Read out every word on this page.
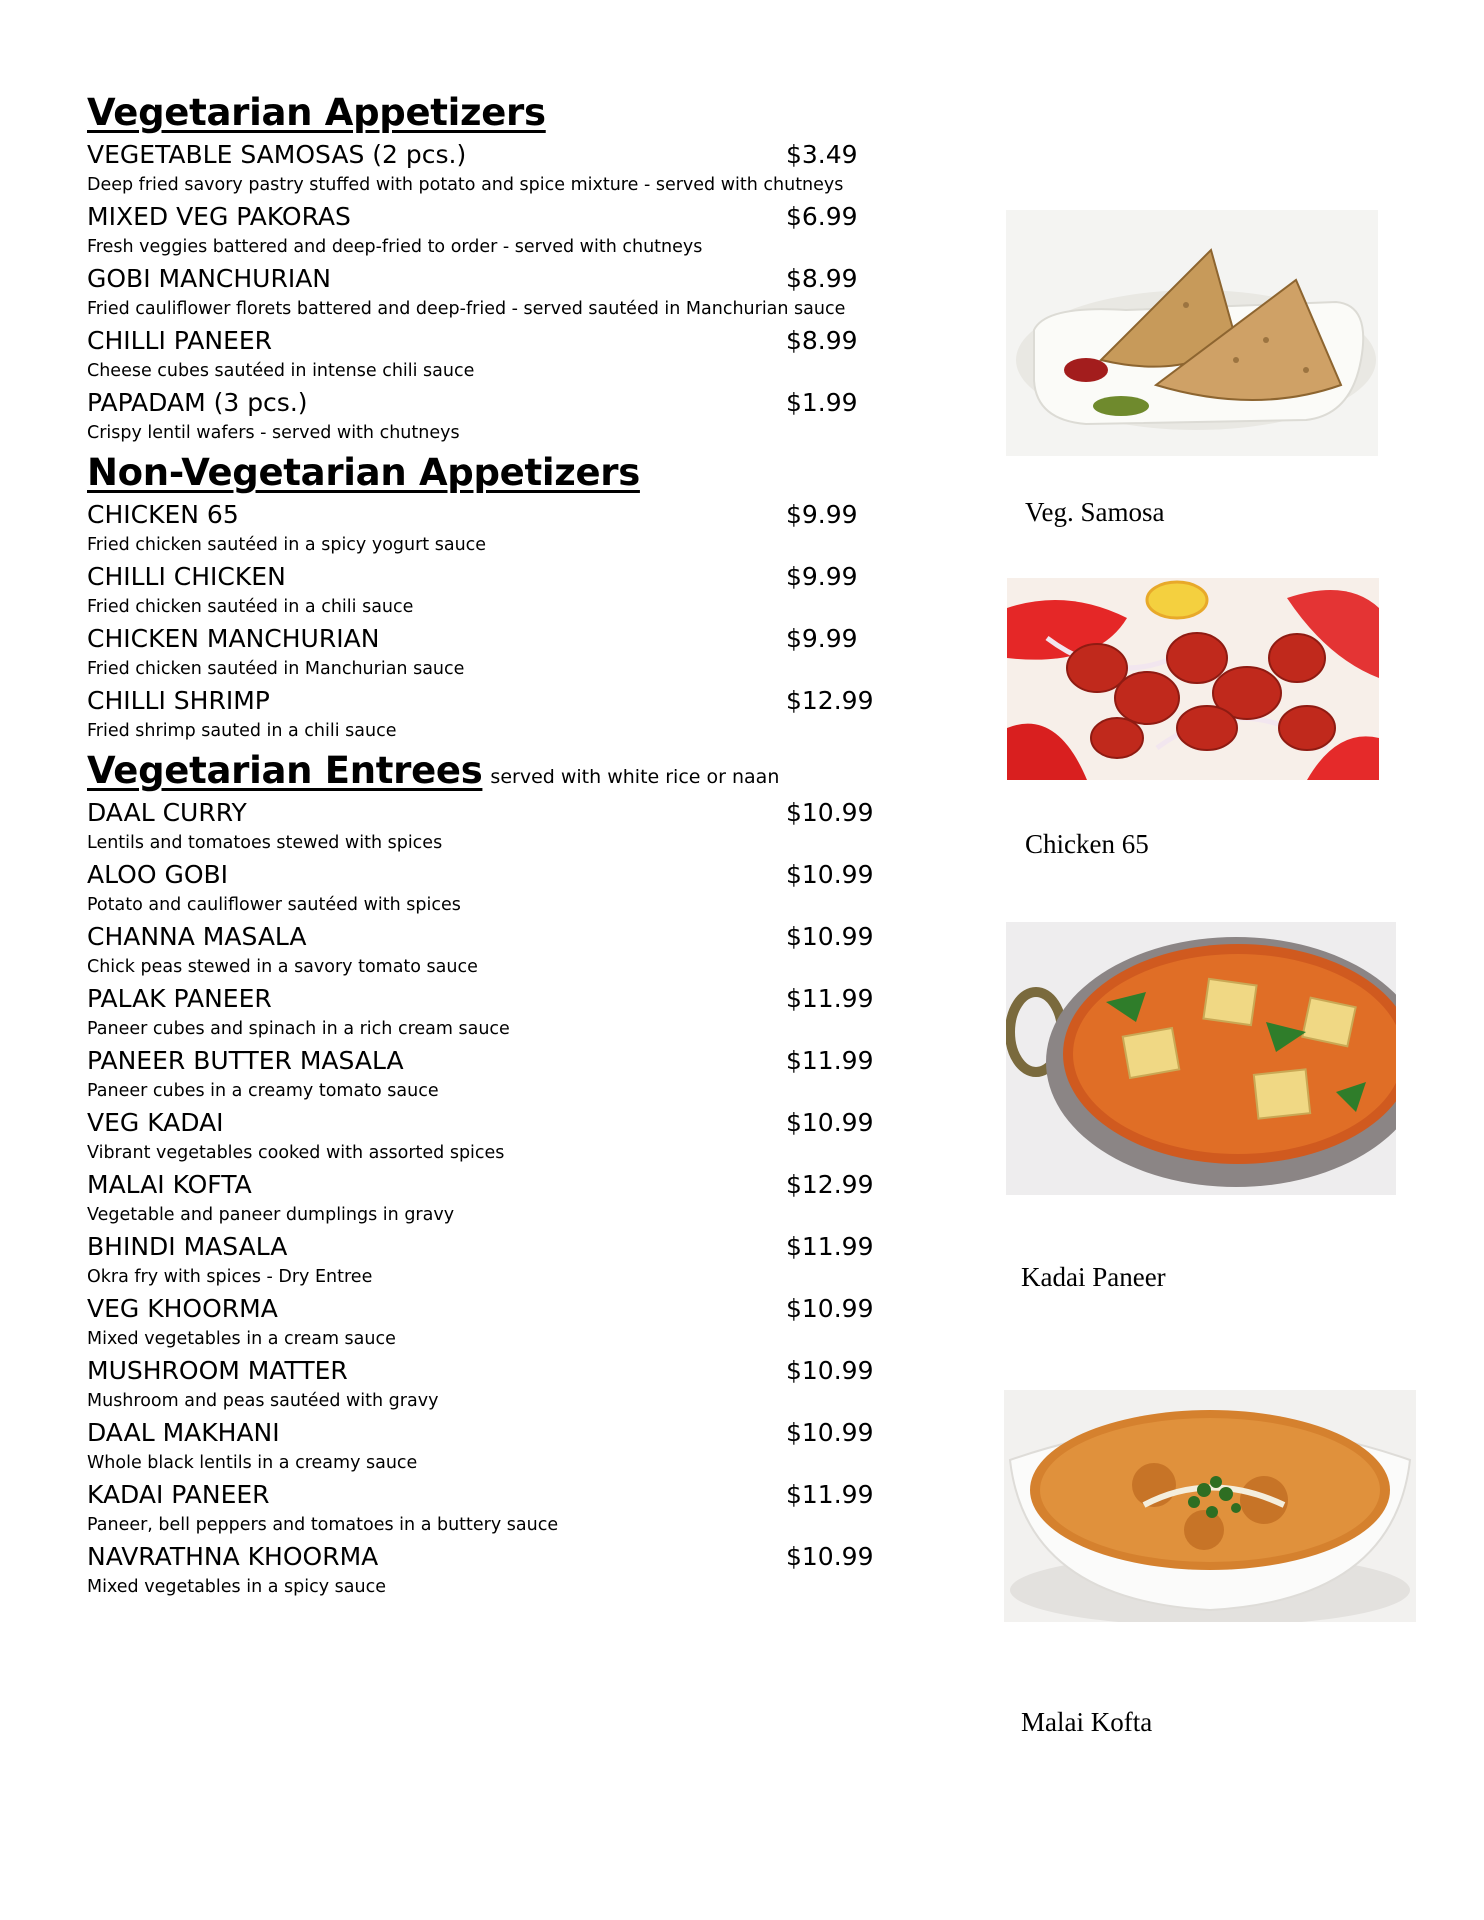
Vegetarian Appetizers
VEGETABLE SAMOSAS (2 pcs.)	$3.49
Deep fried savory pastry stuffed with potato and spice mixture - served with chutneys
MIXED VEG PAKORAS	$6.99
Fresh veggies battered and deep-fried to order - served with chutneys
GOBI MANCHURIAN	$8.99
Fried cauliflower florets battered and deep-fried - served sautéed in Manchurian sauce
CHILLI PANEER	$8.99
Cheese cubes sautéed in intense chili sauce
PAPADAM (3 pcs.)	$1.99
Crispy lentil wafers - served with chutneys
Non-Vegetarian Appetizers
CHICKEN 65	$9.99
Fried chicken sautéed in a spicy yogurt sauce
CHILLI CHICKEN	$9.99
Fried chicken sautéed in a chili sauce
CHICKEN MANCHURIAN	$9.99
Fried chicken sautéed in Manchurian sauce
CHILLI SHRIMP	$12.99
Fried shrimp sauted in a chili sauce
Vegetarian Entrees served with white rice or naan
DAAL CURRY	$10.99
Lentils and tomatoes stewed with spices
ALOO GOBI	$10.99
Potato and cauliflower sautéed with spices
CHANNA MASALA	$10.99
Chick peas stewed in a savory tomato sauce
PALAK PANEER	$11.99
Paneer cubes and spinach in a rich cream sauce
PANEER BUTTER MASALA	$11.99
Paneer cubes in a creamy tomato sauce
VEG KADAI	$10.99
Vibrant vegetables cooked with assorted spices
MALAI KOFTA	$12.99
Vegetable and paneer dumplings in gravy
BHINDI MASALA	$11.99
Okra fry with spices - Dry Entree
VEG KHOORMA	$10.99
Mixed vegetables in a cream sauce
MUSHROOM MATTER	$10.99
Mushroom and peas sautéed with gravy
DAAL MAKHANI	$10.99
Whole black lentils in a creamy sauce
KADAI PANEER	$11.99
Paneer, bell peppers and tomatoes in a buttery sauce
NAVRATHNA KHOORMA	$10.99
Mixed vegetables in a spicy sauce
Veg. Samosa
Chicken 65
Kadai Paneer
Malai Kofta
